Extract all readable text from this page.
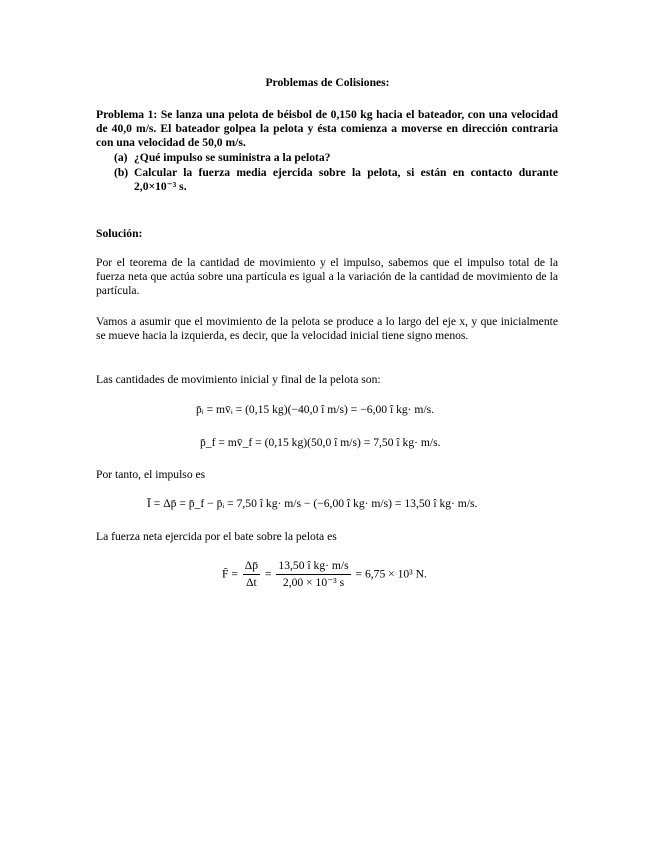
Problemas de Colisiones:
Problema 1: Se lanza una pelota de béisbol de 0,150 kg hacia el bateador, con una velocidad de 40,0 m/s. El bateador golpea la pelota y ésta comienza a moverse en dirección contraria con una velocidad de 50,0 m/s.
(a) ¿Qué impulso se suministra a la pelota?
(b) Calcular la fuerza media ejercida sobre la pelota, si están en contacto durante 2,0×10⁻³ s.
Solución:
Por el teorema de la cantidad de movimiento y el impulso, sabemos que el impulso total de la fuerza neta que actúa sobre una partícula es igual a la variación de la cantidad de movimiento de la partícula.
Vamos a asumir que el movimiento de la pelota se produce a lo largo del eje x, y que inicialmente se mueve hacia la izquierda, es decir, que la velocidad inicial tiene signo menos.
Las cantidades de movimiento inicial y final de la pelota son:
p̄ᵢ = mv̄ᵢ = (0,15 kg)(−40,0 î m/s) = −6,00 î kg· m/s.
p̄_f = mv̄_f = (0,15 kg)(50,0 î m/s) = 7,50 î kg· m/s.
Por tanto, el impulso es
Ī = Δp̄ = p̄_f − p̄ᵢ = 7,50 î kg· m/s − (−6,00 î kg· m/s) = 13,50 î kg· m/s.
La fuerza neta ejercida por el bate sobre la pelota es
F̄ = $\frac{\Delta p̄}{\Delta t} = \frac{\text{13,50 î kg· m/s}}{\text{2,00 × 10⁻³ s}} = 6,75 \times 10^3$ N.
